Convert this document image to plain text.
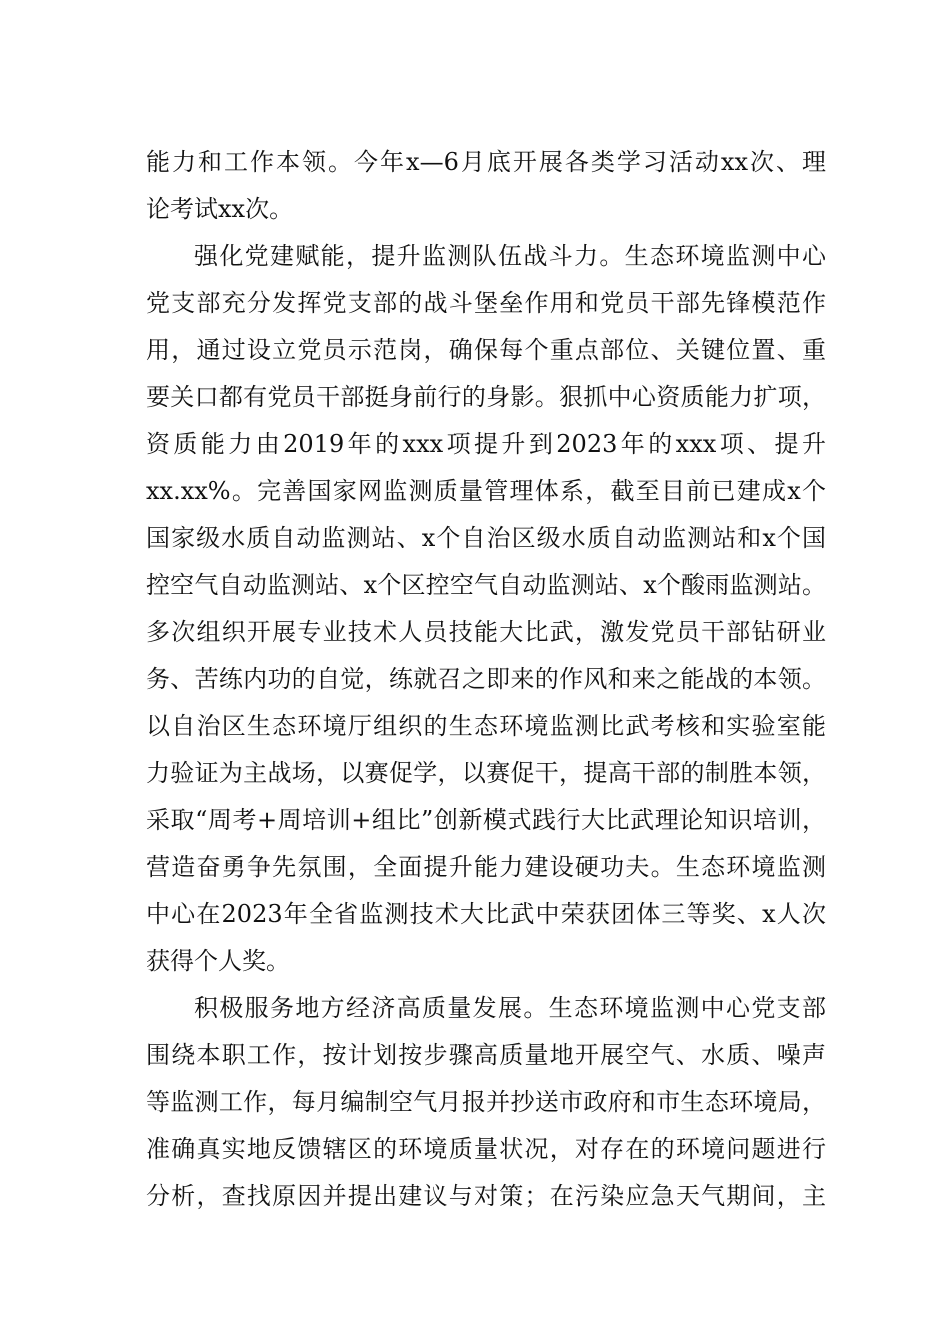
能力和工作本领。今年x—6月底开展各类学习活动xx次、理
论考试xx次。
强化党建赋能，提升监测队伍战斗力。生态环境监测中心
党支部充分发挥党支部的战斗堡垒作用和党员干部先锋模范作
用，通过设立党员示范岗，确保每个重点部位、关键位置、重
要关口都有党员干部挺身前行的身影。狠抓中心资质能力扩项，
资质能力由2019年的xxx项提升到2023年的xxx项、提升
xx.xx%。完善国家网监测质量管理体系，截至目前已建成x个
国家级水质自动监测站、x个自治区级水质自动监测站和x个国
控空气自动监测站、x个区控空气自动监测站、x个酸雨监测站。
多次组织开展专业技术人员技能大比武，激发党员干部钻研业
务、苦练内功的自觉，练就召之即来的作风和来之能战的本领。
以自治区生态环境厅组织的生态环境监测比武考核和实验室能
力验证为主战场，以赛促学，以赛促干，提高干部的制胜本领，
采取“周考+周培训+组比”创新模式践行大比武理论知识培训，
营造奋勇争先氛围，全面提升能力建设硬功夫。生态环境监测
中心在2023年全省监测技术大比武中荣获团体三等奖、x人次
获得个人奖。
积极服务地方经济高质量发展。生态环境监测中心党支部
围绕本职工作，按计划按步骤高质量地开展空气、水质、噪声
等监测工作，每月编制空气月报并抄送市政府和市生态环境局，
准确真实地反馈辖区的环境质量状况，对存在的环境问题进行
分析，查找原因并提出建议与对策；在污染应急天气期间，主
